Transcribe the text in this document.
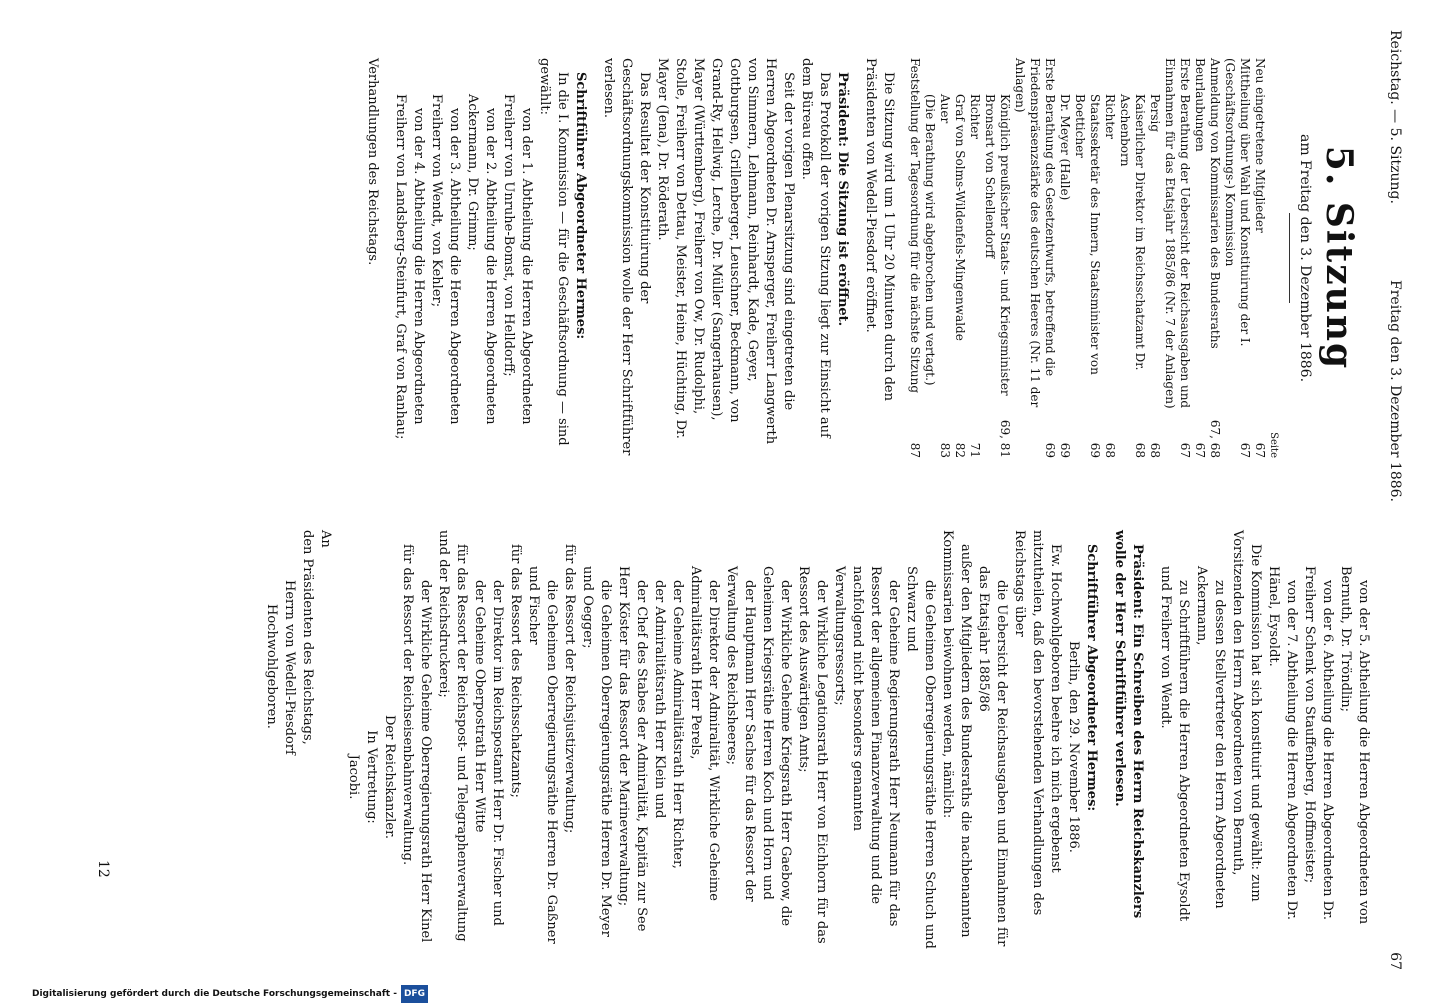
Reichstag. — 5. Sitzung.
Freitag den 3. Dezember 1886.
67
5. Sitzung
am Freitag den 3. Dezember 1886.
Seite
Neu eingetretene Mitglieder
67
Mittheilung über Wahl und Konstituirung der I. (Geschäftsordnungs-) Kommission
67
Anmeldung von Kommissarien des Bundesraths
67, 68
Beurlaubungen
67
Erste Berathung der Uebersicht der Reichsausgaben und Einnahmen für das Etatsjahr 1885/86 (Nr. 7 der Anlagen)
67
Persig
68
Kaiserlicher Direktor im Reichsschatzamt Dr. Aschenborn
68
Richter
68
Staatssekretär des Innern, Staatsminister von Boetticher
69
Dr. Meyer (Halle)
69
Erste Berathung des Gesetzentwurfs, betreffend die Friedenspräsenzstärke des deutschen Heeres (Nr. 11 der Anlagen)
69
Königlich preußischer Staats- und Kriegsminister Bronsart von Schellendorff
69, 81
Richter
71
Graf von Solms-Wildenfels-Mingenwalde
82
Auer
83
(Die Berathung wird abgebrochen und vertagt.)
Feststellung der Tagesordnung für die nächste Sitzung
87

Die Sitzung wird um 1 Uhr 20 Minuten durch den Präsidenten von Wedell-Piesdorf eröffnet.

Präsident: Die Sitzung ist eröffnet.

Das Protokoll der vorigen Sitzung liegt zur Einsicht auf dem Büreau offen.

Seit der vorigen Plenarsitzung sind eingetreten die Herren Abgeordneten Dr. Arnsperger, Freiherr Langwerth von Simmern, Lehmann, Reinhardt, Kade, Geyer, Gottburgsen, Grillenberger, Leuschner, Beckmann, von Grand-Ry, Hellwig, Lerche, Dr. Müller (Sangerhausen), Mayer (Württemberg), Freiherr von Ow, Dr. Rudolphi, Stolle, Freiherr von Dettau, Meister, Heine, Hüchting, Dr. Mayer (Jena), Dr. Röderath.

Das Resultat der Konstituirung der Geschäftsordnungskommission wolle der Herr Schriftführer verlesen.

Schriftführer Abgeordneter Hermes:

In die I. Kommission — für die Geschäftsordnung — sind gewählt:

von der 1. Abtheilung die Herren Abgeordneten Freiherr von Unruhe-Bomst, von Helldorff;

von der 2. Abtheilung die Herren Abgeordneten Ackermann, Dr. Grimm;

von der 3. Abtheilung die Herren Abgeordneten Freiherr von Wendt, von Kehler;

von der 4. Abtheilung die Herren Abgeordneten Freiherr von Landsberg-Steinfurt, Graf von Ranhau;

Verhandlungen des Reichstags.

von der 5. Abtheilung die Herren Abgeordneten von Bernuth, Dr. Tröndlin;

von der 6. Abtheilung die Herren Abgeordneten Dr. Freiherr Schenk von Stauffenberg, Hoffmeister;

von der 7. Abtheilung die Herren Abgeordneten Dr. Hänel, Eysoldt.

Die Kommission hat sich konstituirt und gewählt: zum Vorsitzenden den Herrn Abgeordneten von Bernuth,

zu dessen Stellvertreter den Herrn Abgeordneten Ackermann,

zu Schriftführern die Herren Abgeordneten Eysoldt und Freiherr von Wendt.

Präsident: Ein Schreiben des Herrn Reichskanzlers wolle der Herr Schriftführer verlesen.

Schriftführer Abgeordneter Hermes:

Berlin, den 29. November 1886.

Ew. Hochwohlgeboren beehre ich mich ergebenst mitzutheilen, daß den bevorstehenden Verhandlungen des Reichstags über

die Uebersicht der Reichsausgaben und Einnahmen für das Etatsjahr 1885/86

außer den Mitgliedern des Bundesraths die nachbenannten Kommissarien beiwohnen werden, nämlich:

die Geheimen Oberregierungsräthe Herren Schuch und Schwarz und

der Geheime Regierungsrath Herr Neumann für das Ressort der allgemeinen Finanzverwaltung und die nachfolgend nicht besonders genannten Verwaltungsressorts;

der Wirkliche Legationsrath Herr von Eichhorn für das Ressort des Auswärtigen Amts;

der Wirkliche Geheime Kriegsrath Herr Gaebow, die Geheimen Kriegsräthe Herren Koch und Horn und

der Hauptmann Herr Sachse für das Ressort der Verwaltung des Reichsheeres;

der Direktor der Admiralität, Wirkliche Geheime Admiralitätsrath Herr Perels,

der Geheime Admiralitätsrath Herr Richter,

der Admiralitätsrath Herr Klein und

der Chef des Stabes der Admiralität, Kapitän zur See Herr Köster für das Ressort der Marineverwaltung;

die Geheimen Oberregierungsräthe Herren Dr. Meyer und Oegger;

für das Ressort der Reichsjustizverwaltung;

die Geheimen Oberregierungsräthe Herren Dr. Gaßner und Fischer

für das Ressort des Reichsschatzamts;

der Direktor im Reichspostamt Herr Dr. Fischer und

der Geheime Oberpostrath Herr Witte

für das Ressort der Reichspost- und Telegraphenverwaltung und der Reichsdruckerei;

der Wirkliche Geheime Oberregierungsrath Herr Kinel

für das Ressort der Reichseisenbahnverwaltung.

Der Reichskanzler.

In Vertretung:

Jacobi.

An

den Präsidenten des Reichstags,

Herrn von Wedell-Piesdorf

Hochwohlgeboren.

12
Digitalisierung gefördert durch die Deutsche Forschungsgemeinschaft - DFG
